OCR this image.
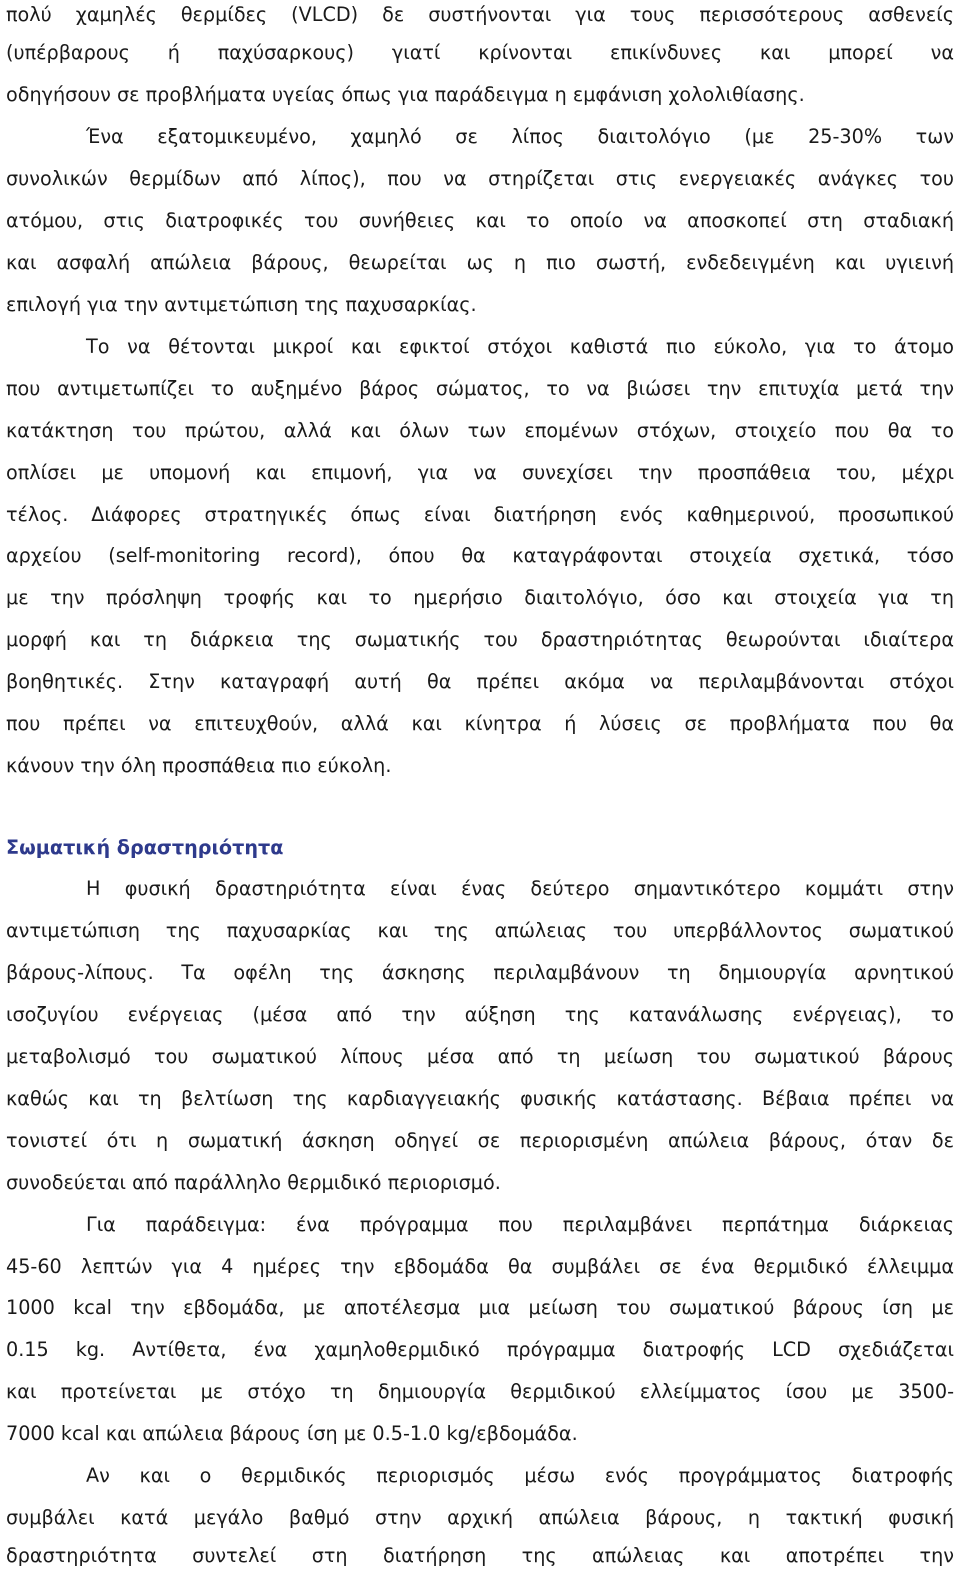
πολύ χαμηλές θερμίδες (VLCD) δε συστήνονται για τους περισσότερους ασθενείς
(υπέρβαρους ή παχύσαρκους) γιατί κρίνονται επικίνδυνες και μπορεί να
οδηγήσουν σε προβλήματα υγείας όπως για παράδειγμα η εμφάνιση χολολιθίασης.
Ένα εξατομικευμένο, χαμηλό σε λίπος διαιτολόγιο (με 25-30% των
συνολικών θερμίδων από λίπος), που να στηρίζεται στις ενεργειακές ανάγκες του
ατόμου, στις διατροφικές του συνήθειες και το οποίο να αποσκοπεί στη σταδιακή
και ασφαλή απώλεια βάρους, θεωρείται ως η πιο σωστή, ενδεδειγμένη και υγιεινή
επιλογή για την αντιμετώπιση της παχυσαρκίας.
Το να θέτονται μικροί και εφικτοί στόχοι καθιστά πιο εύκολο, για το άτομο
που αντιμετωπίζει το αυξημένο βάρος σώματος, το να βιώσει την επιτυχία μετά την
κατάκτηση του πρώτου, αλλά και όλων των επομένων στόχων, στοιχείο που θα το
οπλίσει με υπομονή και επιμονή, για να συνεχίσει την προσπάθεια του, μέχρι
τέλος. Διάφορες στρατηγικές όπως είναι διατήρηση ενός καθημερινού, προσωπικού
αρχείου (self-monitoring record), όπου θα καταγράφονται στοιχεία σχετικά, τόσο
με την πρόσληψη τροφής και το ημερήσιο διαιτολόγιο, όσο και στοιχεία για τη
μορφή και τη διάρκεια της σωματικής του δραστηριότητας θεωρούνται ιδιαίτερα
βοηθητικές. Στην καταγραφή αυτή θα πρέπει ακόμα να περιλαμβάνονται στόχοι
που πρέπει να επιτευχθούν, αλλά και κίνητρα ή λύσεις σε προβλήματα που θα
κάνουν την όλη προσπάθεια πιο εύκολη.
Σωματική δραστηριότητα
Η φυσική δραστηριότητα είναι ένας δεύτερο σημαντικότερο κομμάτι στην
αντιμετώπιση της παχυσαρκίας και της απώλειας του υπερβάλλοντος σωματικού
βάρους-λίπους. Τα οφέλη της άσκησης περιλαμβάνουν τη δημιουργία αρνητικού
ισοζυγίου ενέργειας (μέσα από την αύξηση της κατανάλωσης ενέργειας), το
μεταβολισμό του σωματικού λίπους μέσα από τη μείωση του σωματικού βάρους
καθώς και τη βελτίωση της καρδιαγγειακής φυσικής κατάστασης. Βέβαια πρέπει να
τονιστεί ότι η σωματική άσκηση οδηγεί σε περιορισμένη απώλεια βάρους, όταν δε
συνοδεύεται από παράλληλο θερμιδικό περιορισμό.
Για παράδειγμα: ένα πρόγραμμα που περιλαμβάνει περπάτημα διάρκειας
45-60 λεπτών για 4 ημέρες την εβδομάδα θα συμβάλει σε ένα θερμιδικό έλλειμμα
1000 kcal την εβδομάδα, με αποτέλεσμα μια μείωση του σωματικού βάρους ίση με
0.15 kg. Αντίθετα, ένα χαμηλοθερμιδικό πρόγραμμα διατροφής LCD σχεδιάζεται
και προτείνεται με στόχο τη δημιουργία θερμιδικού ελλείμματος ίσου με 3500-
7000 kcal και απώλεια βάρους ίση με 0.5-1.0 kg/εβδομάδα.
Αν και ο θερμιδικός περιορισμός μέσω ενός προγράμματος διατροφής
συμβάλει κατά μεγάλο βαθμό στην αρχική απώλεια βάρους, η τακτική φυσική
δραστηριότητα συντελεί στη διατήρηση της απώλειας και αποτρέπει την
